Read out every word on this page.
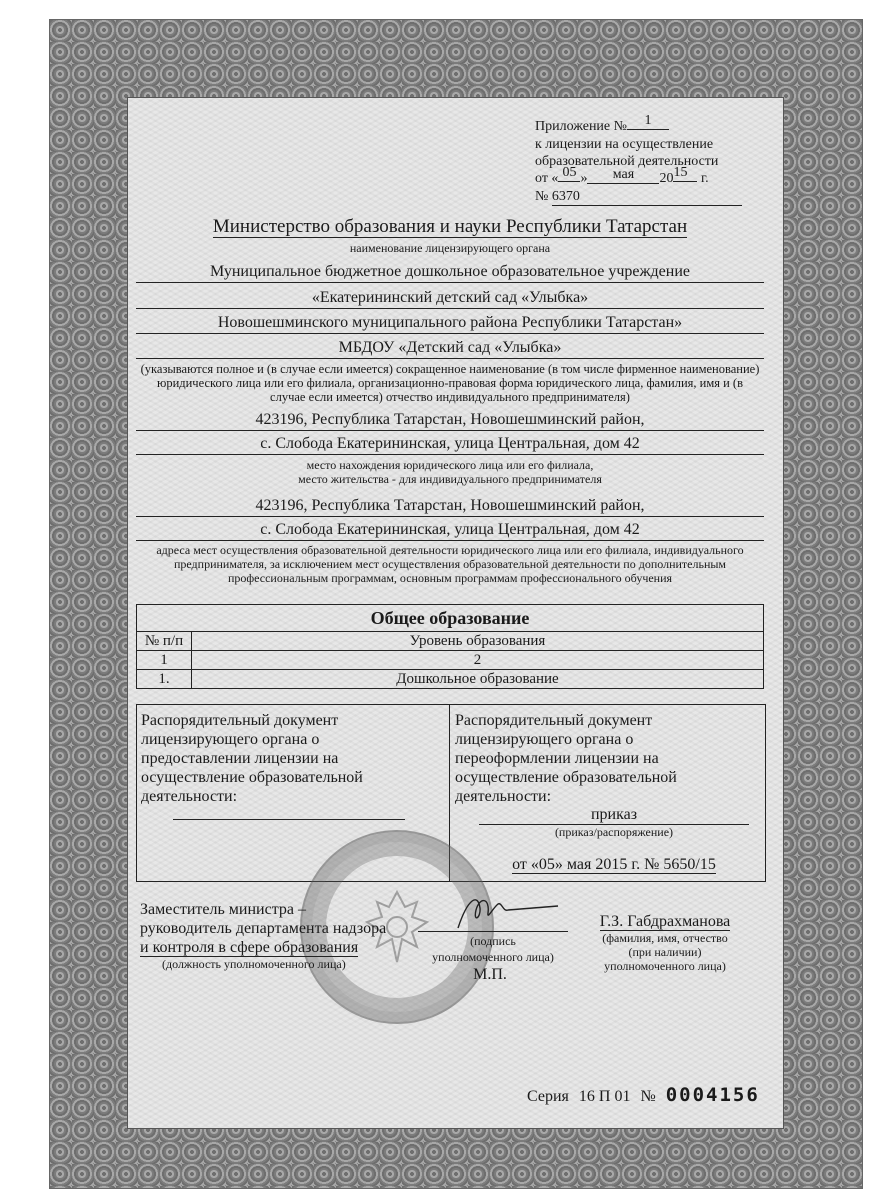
Приложение № 1
к лицензии на осуществление
образовательной деятельности
от « 05 » мая 2015 г.
№ 6370
Министерство образования и науки Республики Татарстан
наименование лицензирующего органа
Муниципальное бюджетное дошкольное образовательное учреждение
«Екатерининский детский сад «Улыбка»
Новошешминского муниципального района Республики Татарстан»
МБДОУ «Детский сад «Улыбка»
(указываются полное и (в случае если имеется) сокращенное наименование (в том числе фирменное наименование) юридического лица или его филиала, организационно-правовая форма юридического лица, фамилия, имя и (в случае если имеется) отчество индивидуального предпринимателя)
423196, Республика Татарстан, Новошешминский район,
с. Слобода Екатерининская, улица Центральная, дом 42
место нахождения юридического лица или его филиала,
место жительства - для индивидуального предпринимателя
423196, Республика Татарстан, Новошешминский район,
с. Слобода Екатерининская, улица Центральная, дом 42
адреса мест осуществления образовательной деятельности юридического лица или его филиала, индивидуального предпринимателя, за исключением мест осуществления образовательной деятельности по дополнительным профессиональным программам, основным программам профессионального обучения
Общее образование	
№ п/п	Уровень образования
1	2
1.	Дошкольное образование
Распорядительный документ лицензирующего органа о предоставлении лицензии на осуществление образовательной деятельности:
Распорядительный документ лицензирующего органа о переоформлении лицензии на осуществление образовательной деятельности:
приказ
(приказ/распоряжение)
от «05» мая 2015 г. № 5650/15
Заместитель министра –
руководитель департамента надзора
и контроля в сфере образования
(должность уполномоченного лица)
(подпись
уполномоченного лица)
М.П.
Г.З. Габдрахманова
(фамилия, имя, отчество
(при наличии)
уполномоченного лица)
Серия 16 П 01 № 0004156
